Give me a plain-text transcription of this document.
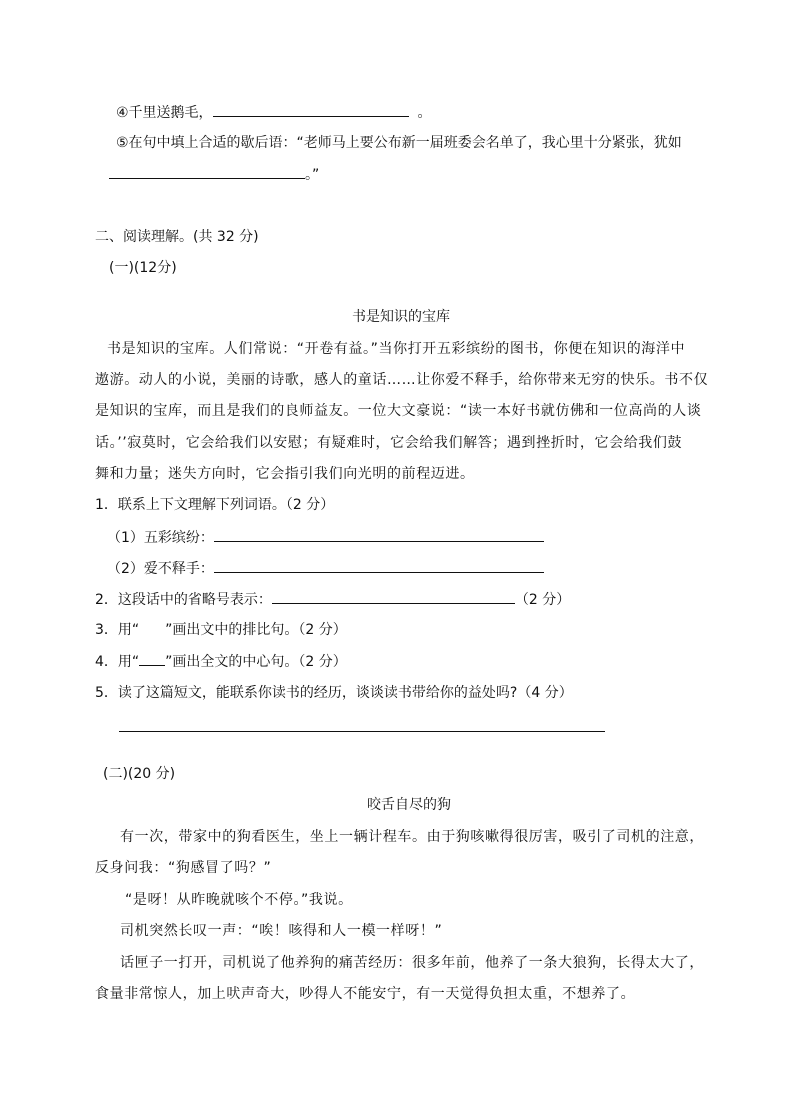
④千里送鹅毛，	。
⑤在句中填上合适的歇后语：“老师马上要公布新一届班委会名单了，我心里十分紧张，犹如
。”
二、阅读理解。(共 32 分)
(一)(12分)
书是知识的宝库
书是知识的宝库。人们常说：“开卷有益。”当你打开五彩缤纷的图书，你便在知识的海洋中
遨游。动人的小说，美丽的诗歌，感人的童话……让你爱不释手，给你带来无穷的快乐。书不仅
是知识的宝库，而且是我们的良师益友。一位大文豪说：“读一本好书就仿佛和一位高尚的人谈
话。’’寂莫时，它会给我们以安慰；有疑难时，它会给我们解答；遇到挫折时，它会给我们鼓
舞和力量；迷失方向时，它会指引我们向光明的前程迈进。
1．联系上下文理解下列词语。（2 分）
（1）五彩缤纷：
（2）爱不释手：
2．这段话中的省略号表示：	（2 分）
3．用“ ”画出文中的排比句。（2 分）
4．用“ ”画出全文的中心句。（2 分）
5．读了这篇短文，能联系你读书的经历，谈谈读书带给你的益处吗?（4 分）
(二)(20 分)
咬舌自尽的狗
有一次，带家中的狗看医生，坐上一辆计程车。由于狗咳嗽得很厉害，吸引了司机的注意，
反身问我：“狗感冒了吗？”
“是呀！从昨晚就咳个不停。”我说。
司机突然长叹一声：“唉！咳得和人一模一样呀！”
话匣子一打开，司机说了他养狗的痛苦经历：很多年前，他养了一条大狼狗，长得太大了，
食量非常惊人，加上吠声奇大，吵得人不能安宁，有一天觉得负担太重，不想养了。
